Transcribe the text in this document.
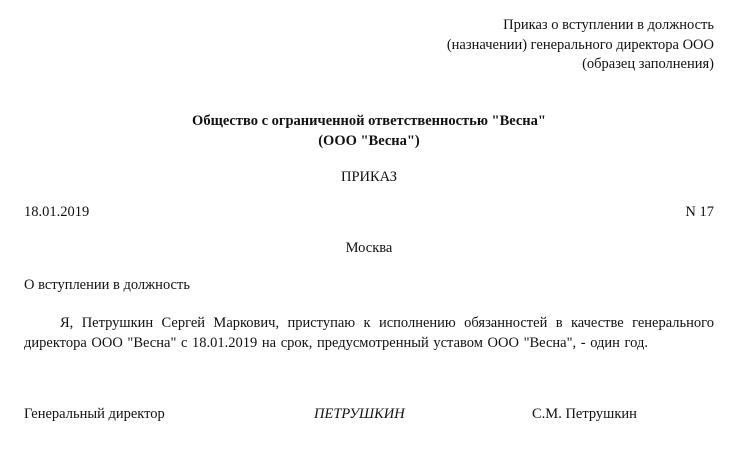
Приказ о вступлении в должность
(назначении) генерального директора ООО
(образец заполнения)
Общество с ограниченной ответственностью "Весна"
(ООО "Весна")
ПРИКАЗ
18.01.2019	N 17
Москва
О вступлении в должность
Я, Петрушкин Сергей Маркович, приступаю к исполнению обязанностей в качестве генерального директора ООО "Весна" с 18.01.2019 на срок, предусмотренный уставом ООО "Весна", - один год.
Генеральный директор	ПЕТРУШКИН	С.М. Петрушкин
